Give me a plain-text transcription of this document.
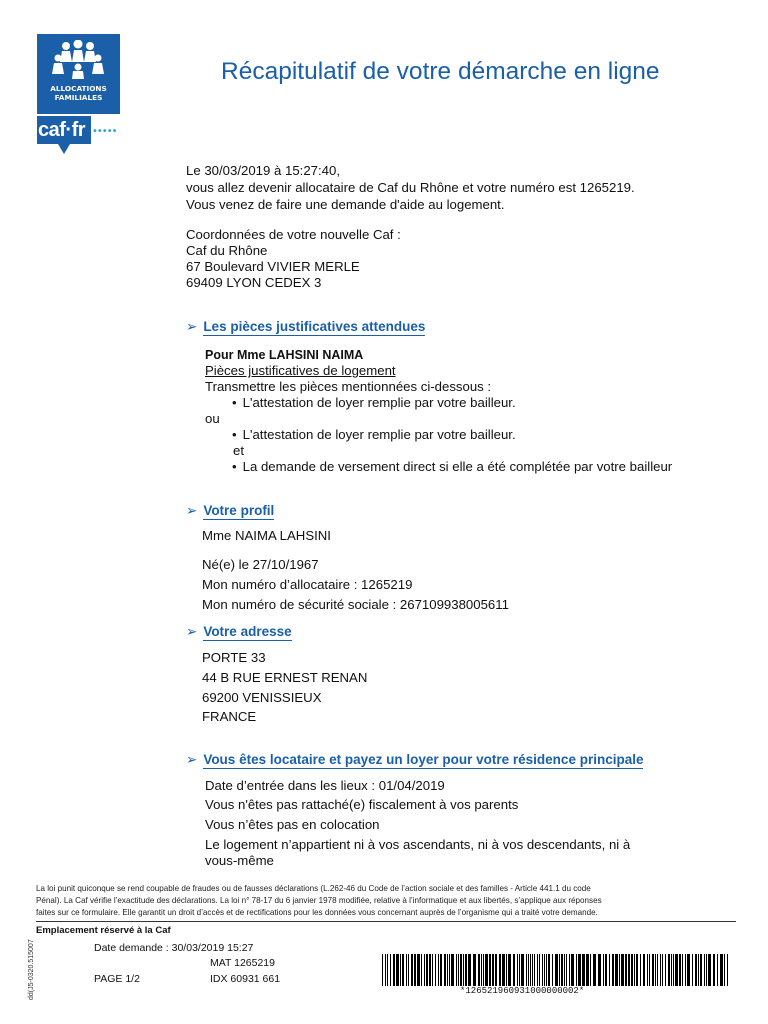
ALLOCATIONS
FAMILIALES
caf·fr •••••
Récapitulatif de votre démarche en ligne
Le 30/03/2019 à 15:27:40,
vous allez devenir allocataire de Caf du Rhône et votre numéro est 1265219.
Vous venez de faire une demande d'aide au logement.
Coordonnées de votre nouvelle Caf :
Caf du Rhône
67 Boulevard VIVIER MERLE
69409 LYON CEDEX 3
➢ Les pièces justificatives attendues
Pour Mme LAHSINI NAIMA
Pièces justificatives de logement
Transmettre les pièces mentionnées ci-dessous :
• L'attestation de loyer remplie par votre bailleur.
ou
• L'attestation de loyer remplie par votre bailleur.
et
• La demande de versement direct si elle a été complétée par votre bailleur
➢ Votre profil
Mme NAIMA LAHSINI
Né(e) le 27/10/1967
Mon numéro d’allocataire : 1265219
Mon numéro de sécurité sociale : 267109938005611
➢ Votre adresse
PORTE 33
44 B RUE ERNEST RENAN
69200 VENISSIEUX
FRANCE
➢ Vous êtes locataire et payez un loyer pour votre résidence principale
Date d’entrée dans les lieux : 01/04/2019
Vous n'êtes pas rattaché(e) fiscalement à vos parents
Vous n’êtes pas en colocation
Le logement n’appartient ni à vos ascendants, ni à vos descendants, ni à
vous-même
La loi punit quiconque se rend coupable de fraudes ou de fausses déclarations (L.262-46 du Code de l’action sociale et des familles - Article 441.1 du code
Pénal). La Caf vérifie l’exactitude des déclarations. La loi n° 78-17 du 6 janvier 1978 modifiée, relative à l’informatique et aux libertés, s’applique aux réponses
faites sur ce formulaire. Elle garantit un droit d’accès et de rectifications pour les données vous concernant auprès de l’organisme qui a traité votre demande.
Emplacement réservé à la Caf
Date demande : 30/03/2019 15:27
MAT 1265219
PAGE 1/2	IDX 60931 661
dd(J5-0320.515007	*126521960931000000002*
